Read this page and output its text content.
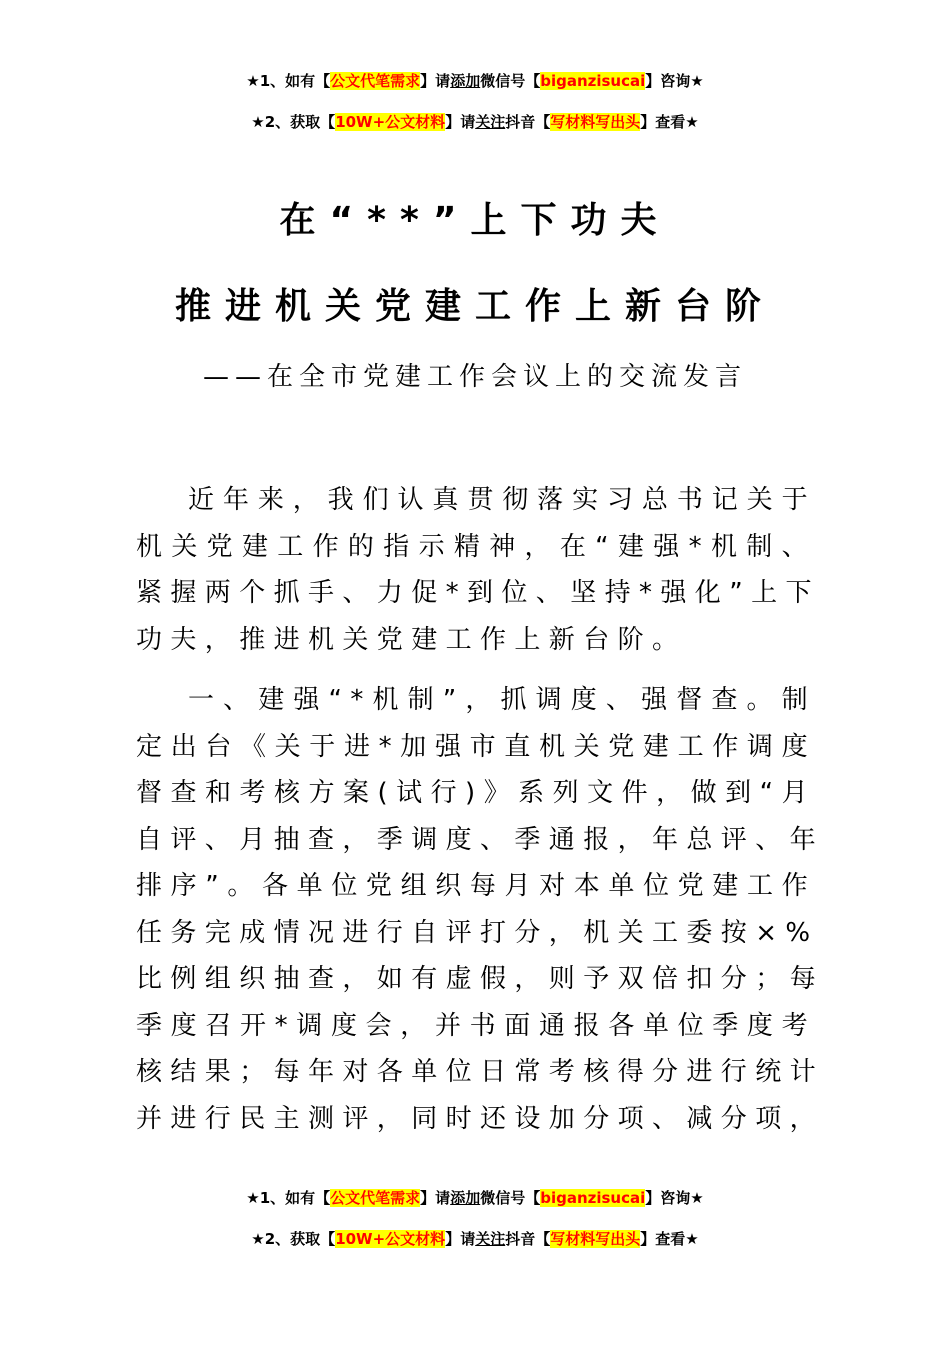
★1、如有【公文代笔需求】请添加微信号【biganzisucai】咨询★
★2、获取【10W+公文材料】请关注抖音【写材料写出头】查看★
在“**”上下功夫
推进机关党建工作上新台阶
——在全市党建工作会议上的交流发言
近年来，我们认真贯彻落实习总书记关于
机关党建工作的指示精神，在“建强*机制、
紧握两个抓手、力促*到位、坚持*强化”上下
功夫，推进机关党建工作上新台阶。
一、建强“*机制”，抓调度、强督查。制
定出台《关于进*加强市直机关党建工作调度
督查和考核方案(试行)》系列文件，做到“月
自评、月抽查，季调度、季通报，年总评、年
排序”。各单位党组织每月对本单位党建工作
任务完成情况进行自评打分，机关工委按×%
比例组织抽查，如有虚假，则予双倍扣分；每
季度召开*调度会，并书面通报各单位季度考
核结果；每年对各单位日常考核得分进行统计
并进行民主测评，同时还设加分项、减分项，
★1、如有【公文代笔需求】请添加微信号【biganzisucai】咨询★
★2、获取【10W+公文材料】请关注抖音【写材料写出头】查看★
